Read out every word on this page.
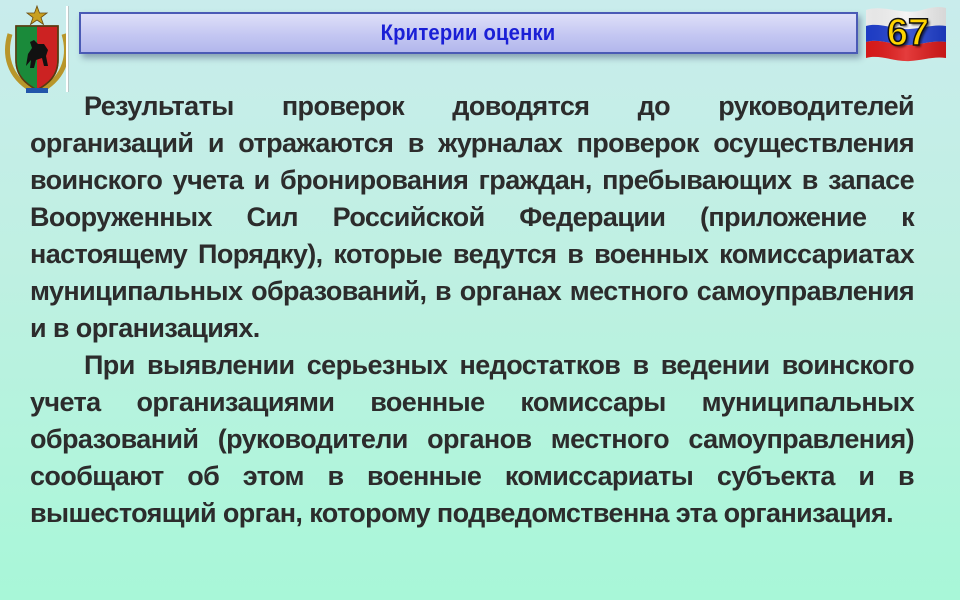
Критерии оценки	67

Результаты проверок доводятся до руководителей организаций и отражаются в журналах проверок осуществления воинского учета и бронирования граждан, пребывающих в запасе Вооруженных Сил Российской Федерации (приложение к настоящему Порядку), которые ведутся в военных комиссариатах муниципальных образований, в органах местного самоуправления и в организациях.

При выявлении серьезных недостатков в ведении воинского учета организациями военные комиссары муниципальных образований (руководители органов местного самоуправления) сообщают об этом в военные комиссариаты субъекта и в вышестоящий орган, которому подведомственна эта организация.
